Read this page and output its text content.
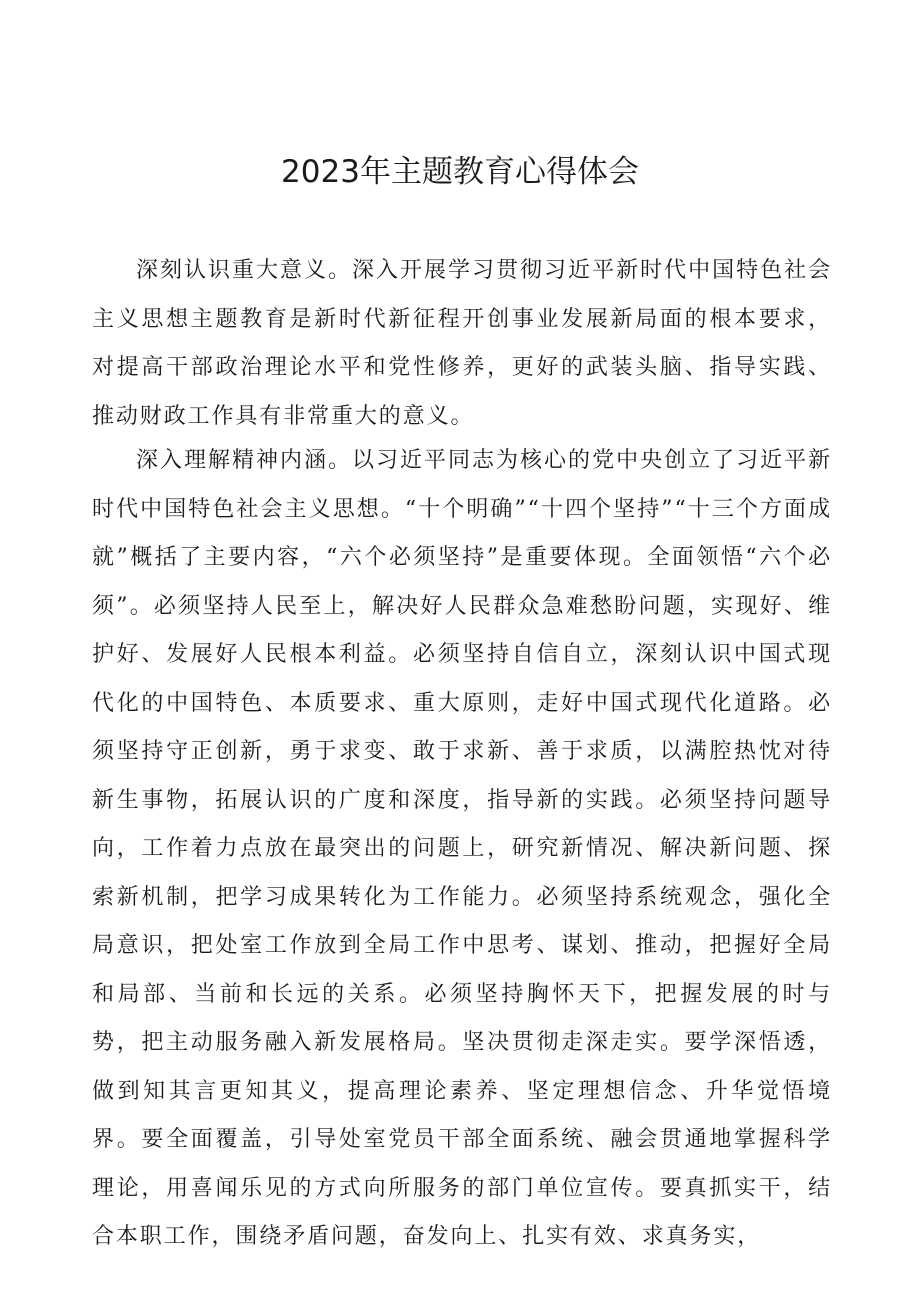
2023年主题教育心得体会

深刻认识重大意义。深入开展学习贯彻习近平新时代中国特色社会主义思想主题教育是新时代新征程开创事业发展新局面的根本要求，对提高干部政治理论水平和党性修养，更好的武装头脑、指导实践、推动财政工作具有非常重大的意义。

深入理解精神内涵。以习近平同志为核心的党中央创立了习近平新时代中国特色社会主义思想。“十个明确”“十四个坚持”“十三个方面成就”概括了主要内容，“六个必须坚持”是重要体现。全面领悟“六个必须”。必须坚持人民至上，解决好人民群众急难愁盼问题，实现好、维护好、发展好人民根本利益。必须坚持自信自立，深刻认识中国式现代化的中国特色、本质要求、重大原则，走好中国式现代化道路。必须坚持守正创新，勇于求变、敢于求新、善于求质，以满腔热忱对待新生事物，拓展认识的广度和深度，指导新的实践。必须坚持问题导向，工作着力点放在最突出的问题上，研究新情况、解决新问题、探索新机制，把学习成果转化为工作能力。必须坚持系统观念，强化全局意识，把处室工作放到全局工作中思考、谋划、推动，把握好全局和局部、当前和长远的关系。必须坚持胸怀天下，把握发展的时与势，把主动服务融入新发展格局。坚决贯彻走深走实。要学深悟透，做到知其言更知其义，提高理论素养、坚定理想信念、升华觉悟境界。要全面覆盖，引导处室党员干部全面系统、融会贯通地掌握科学理论，用喜闻乐见的方式向所服务的部门单位宣传。要真抓实干，结合本职工作，围绕矛盾问题，奋发向上、扎实有效、求真务实，
